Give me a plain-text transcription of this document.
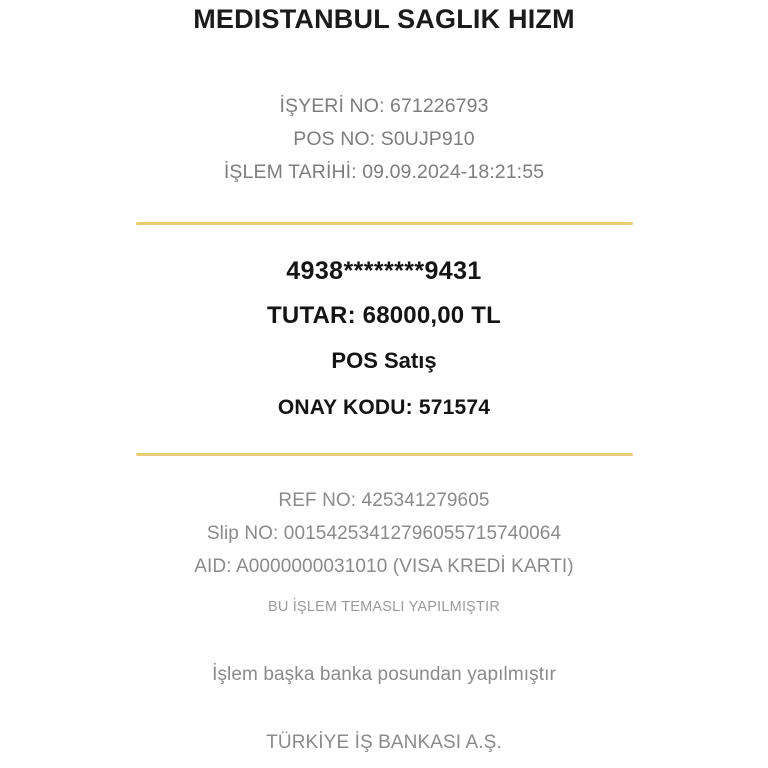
MEDISTANBUL SAGLIK HIZM
İŞYERİ NO: 671226793
POS NO: S0UJP910
İŞLEM TARİHİ: 09.09.2024-18:21:55
4938********9431
TUTAR: 68000,00 TL
POS Satış
ONAY KODU: 571574
REF NO: 425341279605
Slip NO: 00154253412796055715740064
AID: A0000000031010 (VISA KREDİ KARTI)
BU İŞLEM TEMASLI YAPILMIŞTIR
İşlem başka banka posundan yapılmıştır
TÜRKİYE İŞ BANKASI A.Ş.
